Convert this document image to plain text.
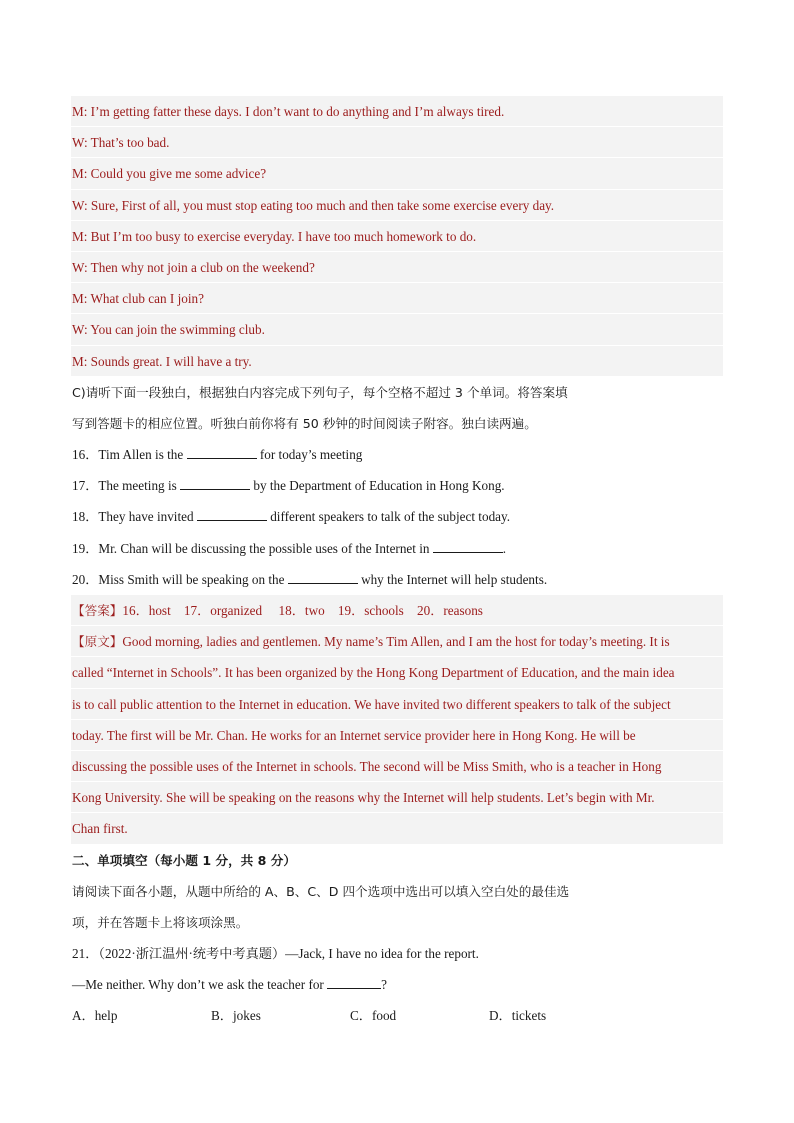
M: I’m getting fatter these days. I don’t want to do anything and I’m always tired.
W: That’s too bad.
M: Could you give me some advice?
W: Sure, First of all, you must stop eating too much and then take some exercise every day.
M: But I’m too busy to exercise everyday. I have too much homework to do.
W: Then why not join a club on the weekend?
M: What club can I join?
W: You can join the swimming club.
M: Sounds great. I will have a try.
C)请听下面一段独白，根据独白内容完成下列句子，每个空格不超过 3 个单词。将答案填
写到答题卡的相应位置。听独白前你将有 50 秒钟的时间阅读子附容。独白读两遍。
16．Tim Allen is the	for today’s meeting
17．The meeting is	by the Department of Education in Hong Kong.
18．They have invited	different speakers to talk of the subject today.
19．Mr. Chan will be discussing the possible uses of the Internet in	.
20．Miss Smith will be speaking on the	why the Internet will help students.
【答案】16．host　17．organized　 18．two　19．schools　20．reasons
【原文】Good morning, ladies and gentlemen. My name’s Tim Allen, and I am the host for today’s meeting. It is
called “Internet in Schools”. It has been organized by the Hong Kong Department of Education, and the main idea
is to call public attention to the Internet in education. We have invited two different speakers to talk of the subject
today. The first will be Mr. Chan. He works for an Internet service provider here in Hong Kong. He will be
discussing the possible uses of the Internet in schools. The second will be Miss Smith, who is a teacher in Hong
Kong University. She will be speaking on the reasons why the Internet will help students. Let’s begin with Mr.
Chan first.
二、单项填空（每小题 1 分，共 8 分）
请阅读下面各小题，从题中所给的 A、B、C、D 四个选项中选出可以填入空白处的最佳选
项，并在答题卡上将该项涂黑。
21．（2022·浙江温州·统考中考真题）—Jack, I have no idea for the report.
—Me neither. Why don’t we ask the teacher for	?
A．help	B．jokes	C．food	D．tickets
